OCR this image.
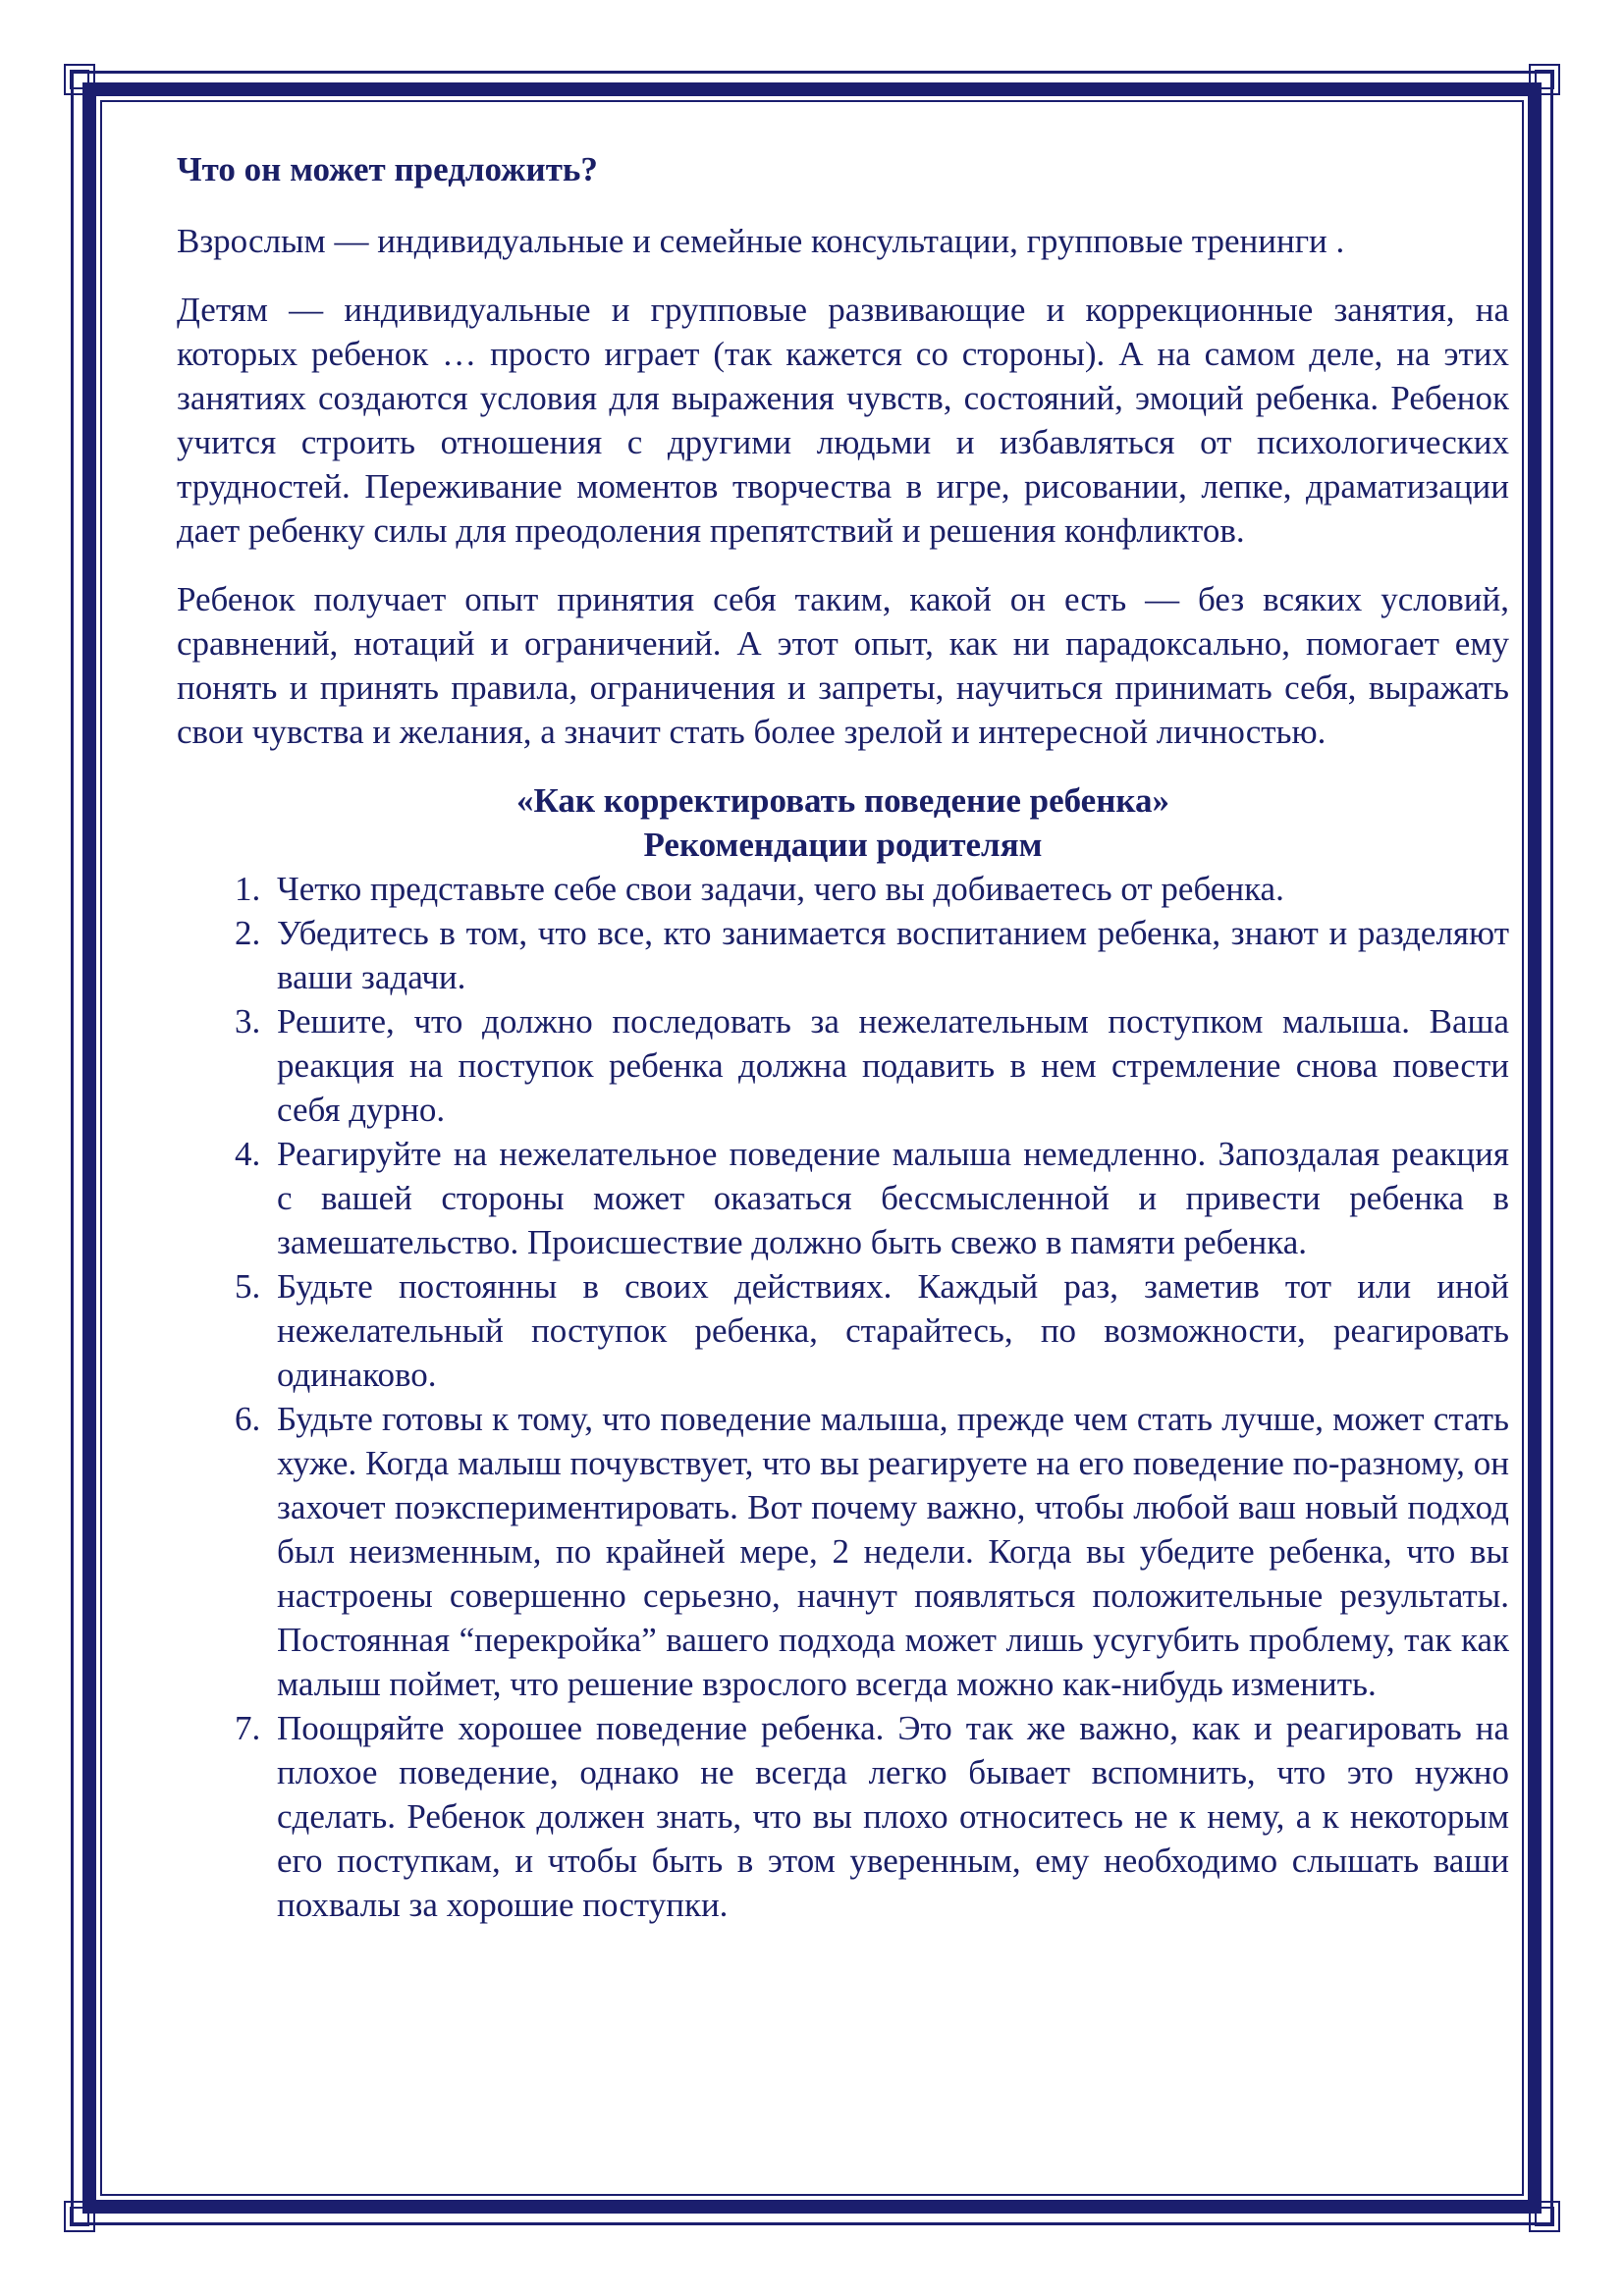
Что он может предложить?

Взрослым — индивидуальные и семейные консультации, групповые тренинги .

Детям — индивидуальные и групповые развивающие и коррекционные занятия, на которых ребенок … просто играет (так кажется со стороны). А на самом деле, на этих занятиях создаются условия для выражения чувств, состояний, эмоций ребенка. Ребенок учится строить отношения с другими людьми и избавляться от психологических трудностей. Переживание моментов творчества в игре, рисовании, лепке, драматизации дает ребенку силы для преодоления препятствий и решения конфликтов.

Ребенок получает опыт принятия себя таким, какой он есть — без всяких условий, сравнений, нотаций и ограничений. А этот опыт, как ни парадоксально, помогает ему понять и принять правила, ограничения и запреты, научиться принимать себя, выражать свои чувства и желания, а значит стать более зрелой и интересной личностью.

«Как корректировать поведение ребенка»

Рекомендации родителям

1. Четко представьте себе свои задачи, чего вы добиваетесь от ребенка.
2. Убедитесь в том, что все, кто занимается воспитанием ребенка, знают и разделяют ваши задачи.
3. Решите, что должно последовать за нежелательным поступком малыша. Ваша реакция на поступок ребенка должна подавить в нем стремление снова повести себя дурно.
4. Реагируйте на нежелательное поведение малыша немедленно. Запоздалая реакция с вашей стороны может оказаться бессмысленной и привести ребенка в замешательство. Происшествие должно быть свежо в памяти ребенка.
5. Будьте постоянны в своих действиях. Каждый раз, заметив тот или иной нежелательный поступок ребенка, старайтесь, по возможности, реагировать одинаково.
6. Будьте готовы к тому, что поведение малыша, прежде чем стать лучше, может стать хуже. Когда малыш почувствует, что вы реагируете на его поведение по-разному, он захочет поэкспериментировать. Вот почему важно, чтобы любой ваш новый подход был неизменным, по крайней мере, 2 недели. Когда вы убедите ребенка, что вы настроены совершенно серьезно, начнут появляться положительные результаты. Постоянная “перекройка” вашего подхода может лишь усугубить проблему, так как малыш поймет, что решение взрослого всегда можно как-нибудь изменить.
7. Поощряйте хорошее поведение ребенка. Это так же важно, как и реагировать на плохое поведение, однако не всегда легко бывает вспомнить, что это нужно сделать. Ребенок должен знать, что вы плохо относитесь не к нему, а к некоторым его поступкам, и чтобы быть в этом уверенным, ему необходимо слышать ваши похвалы за хорошие поступки.
